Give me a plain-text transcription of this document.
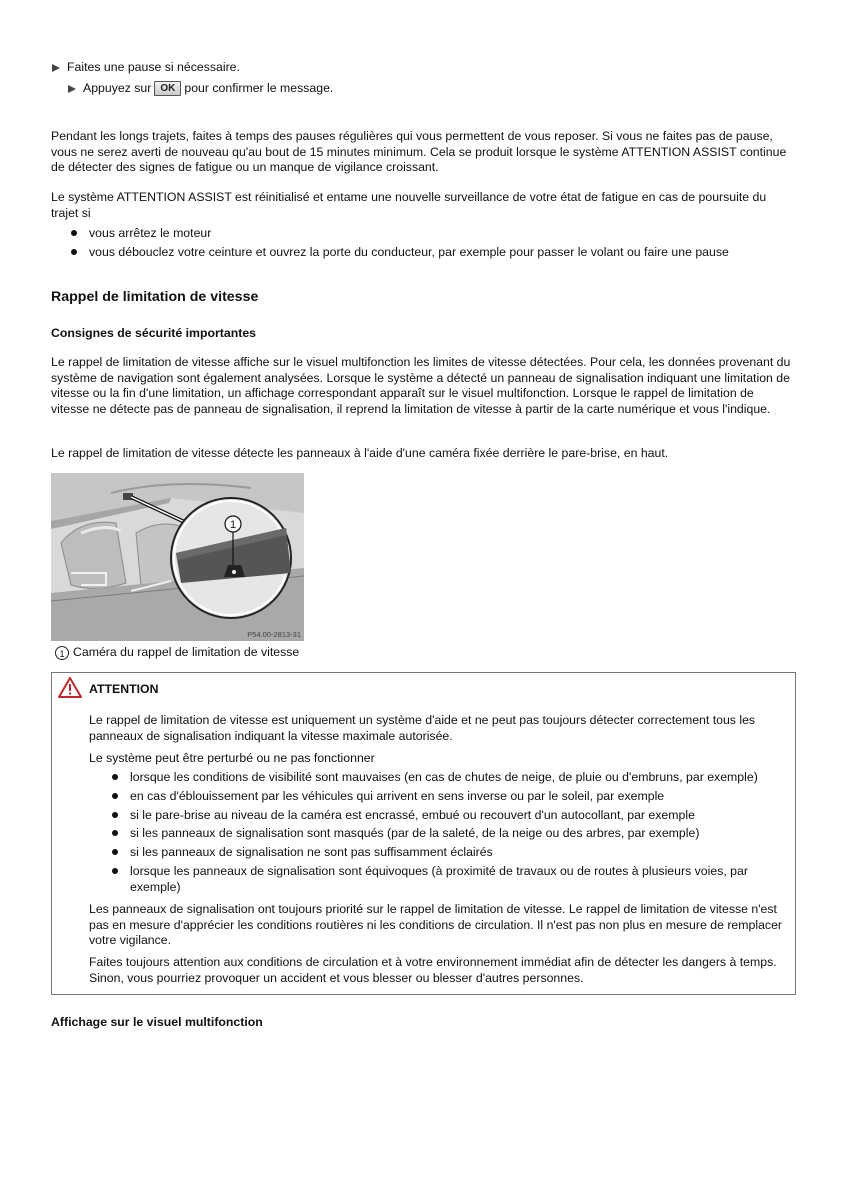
Faites une pause si nécessaire.
Appuyez sur OK pour confirmer le message.

Pendant les longs trajets, faites à temps des pauses régulières qui vous permettent de vous reposer. Si vous ne faites pas de pause, vous ne serez averti de nouveau qu'au bout de 15 minutes minimum. Cela se produit lorsque le système ATTENTION ASSIST continue de détecter des signes de fatigue ou un manque de vigilance croissant.

Le système ATTENTION ASSIST est réinitialisé et entame une nouvelle surveillance de votre état de fatigue en cas de poursuite du trajet si

vous arrêtez le moteur
vous débouclez votre ceinture et ouvrez la porte du conducteur, par exemple pour passer le volant ou faire une pause
Rappel de limitation de vitesse
Consignes de sécurité importantes

Le rappel de limitation de vitesse affiche sur le visuel multifonction les limites de vitesse détectées. Pour cela, les données provenant du système de navigation sont également analysées. Lorsque le système a détecté un panneau de signalisation indiquant une limitation de vitesse ou la fin d'une limitation, un affichage correspondant apparaît sur le visuel multifonction. Lorsque le rappel de limitation de vitesse ne détecte pas de panneau de signalisation, il reprend la limitation de vitesse à partir de la carte numérique et vous l'indique.

Le rappel de limitation de vitesse détecte les panneaux à l'aide d'une caméra fixée derrière le pare-brise, en haut.

1
P54.00-2813-31
1 Caméra du rappel de limitation de vitesse
ATTENTION

Le rappel de limitation de vitesse est uniquement un système d'aide et ne peut pas toujours détecter correctement tous les panneaux de signalisation indiquant la vitesse maximale autorisée.

Le système peut être perturbé ou ne pas fonctionner

lorsque les conditions de visibilité sont mauvaises (en cas de chutes de neige, de pluie ou d'embruns, par exemple)
en cas d'éblouissement par les véhicules qui arrivent en sens inverse ou par le soleil, par exemple
si le pare-brise au niveau de la caméra est encrassé, embué ou recouvert d'un autocollant, par exemple
si les panneaux de signalisation sont masqués (par de la saleté, de la neige ou des arbres, par exemple)
si les panneaux de signalisation ne sont pas suffisamment éclairés
lorsque les panneaux de signalisation sont équivoques (à proximité de travaux ou de routes à plusieurs voies, par exemple)

Les panneaux de signalisation ont toujours priorité sur le rappel de limitation de vitesse. Le rappel de limitation de vitesse n'est pas en mesure d'apprécier les conditions routières ni les conditions de circulation. Il n'est pas non plus en mesure de remplacer votre vigilance.

Faites toujours attention aux conditions de circulation et à votre environnement immédiat afin de détecter les dangers à temps. Sinon, vous pourriez provoquer un accident et vous blesser ou blesser d'autres personnes.

Affichage sur le visuel multifonction
